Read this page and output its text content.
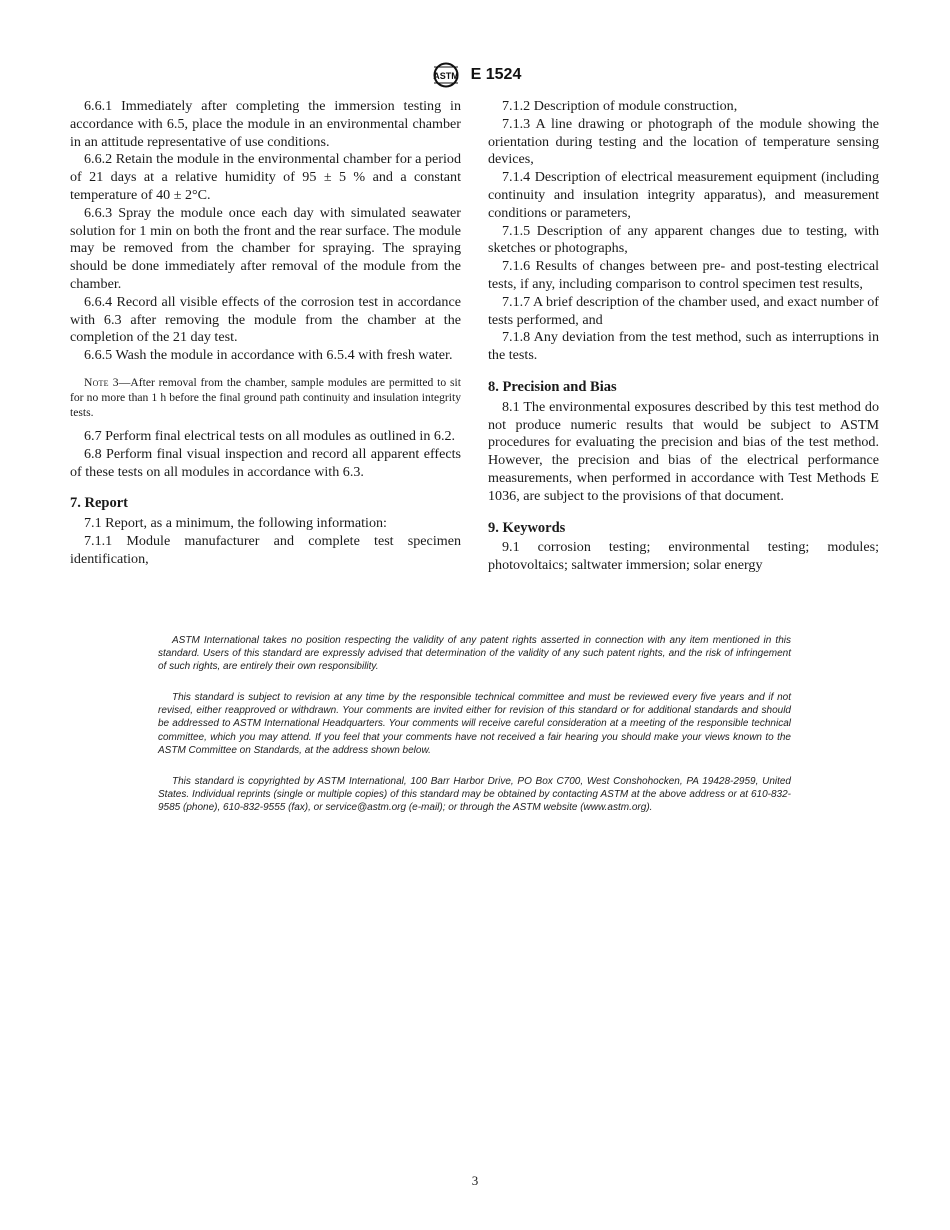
ASTM E 1524

6.6.1 Immediately after completing the immersion testing in accordance with 6.5, place the module in an environmental chamber in an attitude representative of use conditions.

6.6.2 Retain the module in the environmental chamber for a period of 21 days at a relative humidity of 95 ± 5 % and a constant temperature of 40 ± 2°C.

6.6.3 Spray the module once each day with simulated seawater solution for 1 min on both the front and the rear surface. The module may be removed from the chamber for spraying. The spraying should be done immediately after removal of the module from the chamber.

6.6.4 Record all visible effects of the corrosion test in accordance with 6.3 after removing the module from the chamber at the completion of the 21 day test.

6.6.5 Wash the module in accordance with 6.5.4 with fresh water.

Note 3—After removal from the chamber, sample modules are permitted to sit for no more than 1 h before the final ground path continuity and insulation integrity tests.

6.7 Perform final electrical tests on all modules as outlined in 6.2.

6.8 Perform final visual inspection and record all apparent effects of these tests on all modules in accordance with 6.3.

7. Report

7.1 Report, as a minimum, the following information:

7.1.1 Module manufacturer and complete test specimen identification,

7.1.2 Description of module construction,

7.1.3 A line drawing or photograph of the module showing the orientation during testing and the location of temperature sensing devices,

7.1.4 Description of electrical measurement equipment (including continuity and insulation integrity apparatus), and measurement conditions or parameters,

7.1.5 Description of any apparent changes due to testing, with sketches or photographs,

7.1.6 Results of changes between pre- and post-testing electrical tests, if any, including comparison to control specimen test results,

7.1.7 A brief description of the chamber used, and exact number of tests performed, and

7.1.8 Any deviation from the test method, such as interruptions in the tests.

8. Precision and Bias

8.1 The environmental exposures described by this test method do not produce numeric results that would be subject to ASTM procedures for evaluating the precision and bias of the test method. However, the precision and bias of the electrical performance measurements, when performed in accordance with Test Methods E 1036, are subject to the provisions of that document.

9. Keywords

9.1 corrosion testing; environmental testing; modules; photovoltaics; saltwater immersion; solar energy

ASTM International takes no position respecting the validity of any patent rights asserted in connection with any item mentioned in this standard. Users of this standard are expressly advised that determination of the validity of any such patent rights, and the risk of infringement of such rights, are entirely their own responsibility.

This standard is subject to revision at any time by the responsible technical committee and must be reviewed every five years and if not revised, either reapproved or withdrawn. Your comments are invited either for revision of this standard or for additional standards and should be addressed to ASTM International Headquarters. Your comments will receive careful consideration at a meeting of the responsible technical committee, which you may attend. If you feel that your comments have not received a fair hearing you should make your views known to the ASTM Committee on Standards, at the address shown below.

This standard is copyrighted by ASTM International, 100 Barr Harbor Drive, PO Box C700, West Conshohocken, PA 19428-2959, United States. Individual reprints (single or multiple copies) of this standard may be obtained by contacting ASTM at the above address or at 610-832-9585 (phone), 610-832-9555 (fax), or service@astm.org (e-mail); or through the ASTM website (www.astm.org).

3
